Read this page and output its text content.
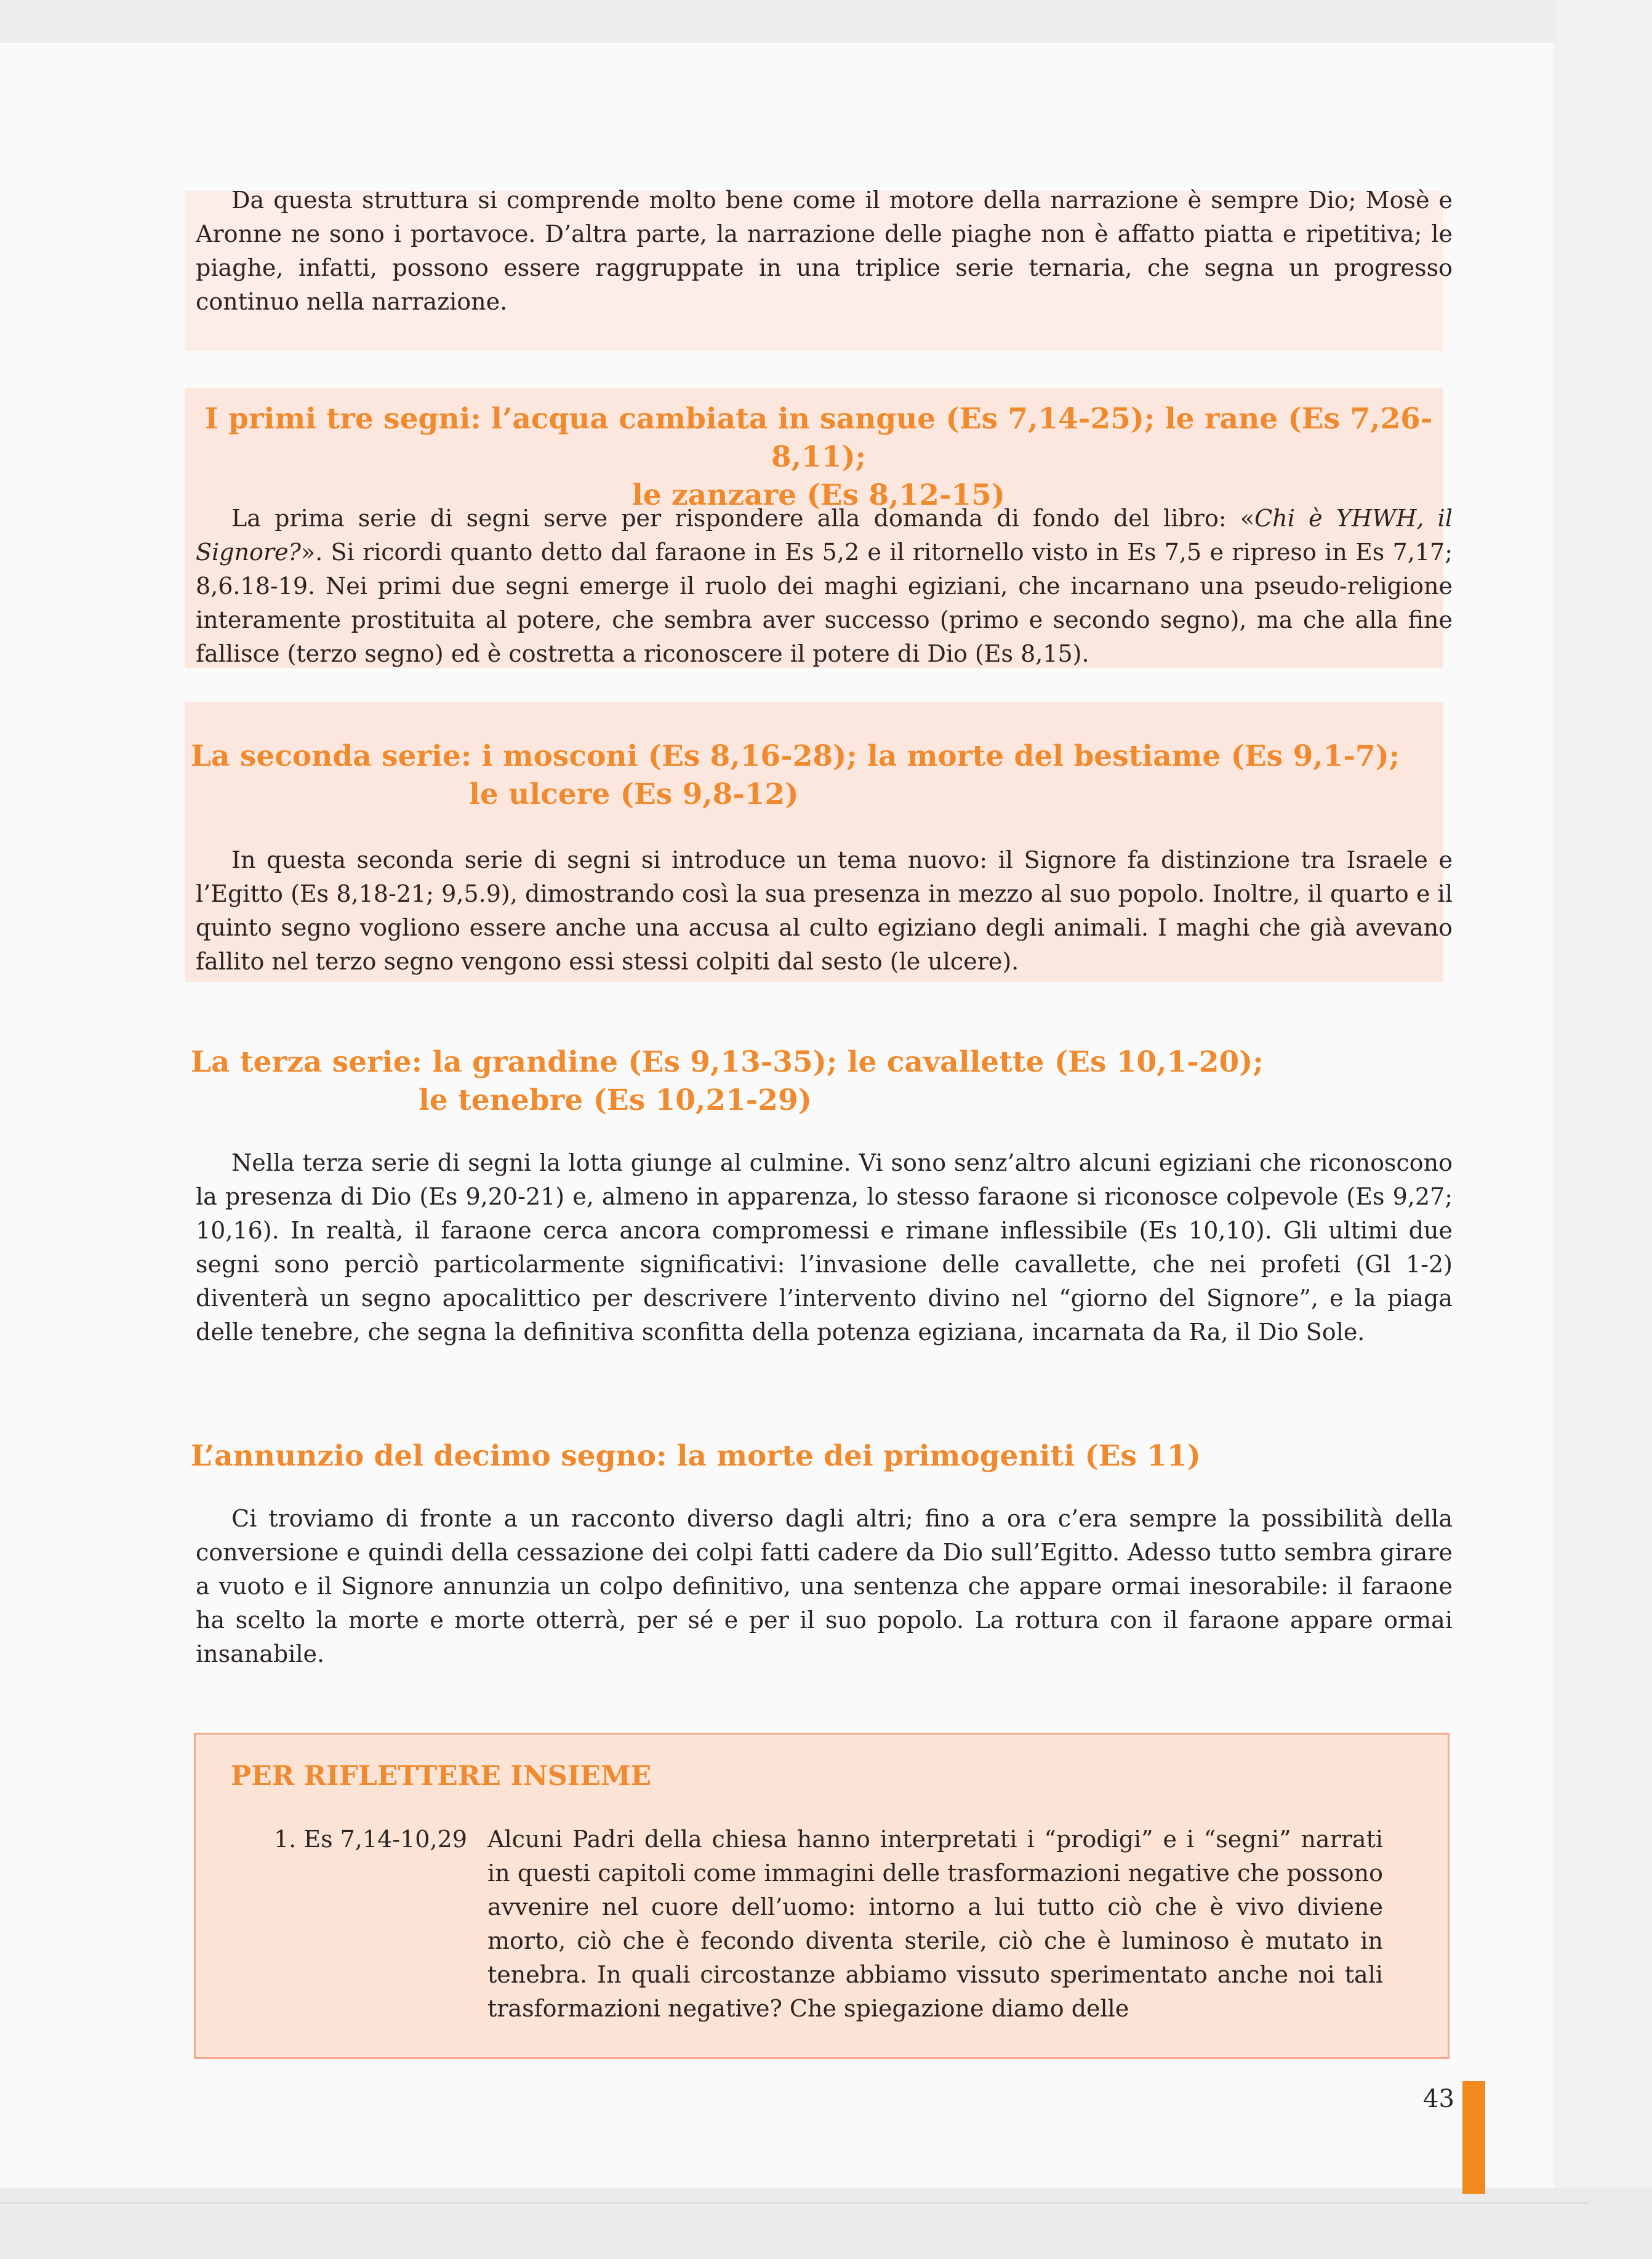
Da questa struttura si comprende molto bene come il motore della narrazione è sempre Dio; Mosè e Aronne ne sono i portavoce. D’altra parte, la narrazione delle piaghe non è affatto piatta e ripetitiva; le piaghe, infatti, possono essere raggruppate in una triplice serie ternaria, che segna un progresso continuo nella narrazione.

I primi tre segni: l’acqua cambiata in sangue (Es 7,14-25); le rane (Es 7,26-8,11);
le zanzare (Es 8,12-15)

La prima serie di segni serve per rispondere alla domanda di fondo del libro: «Chi è YHWH, il Signore?». Si ricordi quanto detto dal faraone in Es 5,2 e il ritornello visto in Es 7,5 e ripreso in Es 7,17; 8,6.18-19. Nei primi due segni emerge il ruolo dei maghi egiziani, che incarnano una pseudo-religione interamente prostituita al potere, che sembra aver successo (primo e secondo segno), ma che alla fine fallisce (terzo segno) ed è costretta a riconoscere il potere di Dio (Es 8,15).

La seconda serie: i mosconi (Es 8,16-28); la morte del bestiame (Es 9,1-7);
le ulcere (Es 9,8-12)

In questa seconda serie di segni si introduce un tema nuovo: il Signore fa distinzione tra Israele e l’Egitto (Es 8,18-21; 9,5.9), dimostrando così la sua presenza in mezzo al suo popolo. Inoltre, il quarto e il quinto segno vogliono essere anche una accusa al culto egiziano degli animali. I maghi che già avevano fallito nel terzo segno vengono essi stessi colpiti dal sesto (le ulcere).

La terza serie: la grandine (Es 9,13-35); le cavallette (Es 10,1-20);
le tenebre (Es 10,21-29)

Nella terza serie di segni la lotta giunge al culmine. Vi sono senz’altro alcuni egiziani che riconoscono la presenza di Dio (Es 9,20-21) e, almeno in apparenza, lo stesso faraone si riconosce colpevole (Es 9,27; 10,16). In realtà, il faraone cerca ancora compromessi e rimane inflessibile (Es 10,10). Gli ultimi due segni sono perciò particolarmente significativi: l’invasione delle cavallette, che nei profeti (Gl 1-2) diventerà un segno apocalittico per descrivere l’intervento divino nel “giorno del Signore”, e la piaga delle tenebre, che segna la definitiva sconfitta della potenza egiziana, incarnata da Ra, il Dio Sole.

L’annunzio del decimo segno: la morte dei primogeniti (Es 11)

Ci troviamo di fronte a un racconto diverso dagli altri; fino a ora c’era sempre la possibilità della conversione e quindi della cessazione dei colpi fatti cadere da Dio sull’Egitto. Adesso tutto sembra girare a vuoto e il Signore annunzia un colpo definitivo, una sentenza che appare ormai inesorabile: il faraone ha scelto la morte e morte otterrà, per sé e per il suo popolo. La rottura con il faraone appare ormai insanabile.

PER RIFLETTERE INSIEME
1. Es 7,14-10,29 Alcuni Padri della chiesa hanno interpretati i “prodigi” e i “segni” narrati in questi capitoli come immagini delle trasformazioni negative che possono avvenire nel cuore dell’uomo: intorno a lui tutto ciò che è vivo diviene morto, ciò che è fecondo diventa sterile, ciò che è luminoso è mutato in tenebra. In quali circostanze abbiamo vissuto sperimentato anche noi tali trasformazioni negative? Che spiegazione diamo delle

43
